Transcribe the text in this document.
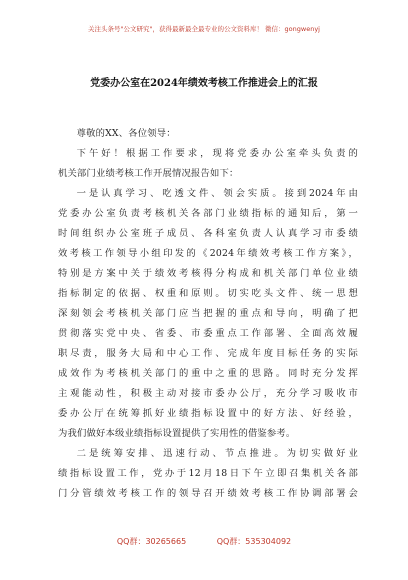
关注头条号"公文研究"，获得最新最全最专业的公文资料库！ 微信：gongwenyj
党委办公室在2024年绩效考核工作推进会上的汇报

尊敬的XX、各位领导：

下午好！根据工作要求，现将党委办公室牵头负责的

机关部门业绩考核工作开展情况报告如下：

一是认真学习、吃透文件、领会实质。接到2024年由

党委办公室负责考核机关各部门业绩指标的通知后，第一

时间组织办公室班子成员、各科室负责人认真学习市委绩

效考核工作领导小组印发的《2024年绩效考核工作方案》，

特别是方案中关于绩效考核得分构成和机关部门单位业绩

指标制定的依据、权重和原则。切实吃头文件、统一思想

深刻领会考核机关部门应当把握的重点和导向，明确了把

贯彻落实党中央、省委、市委重点工作部署、全面高效履

职尽责，服务大局和中心工作、完成年度目标任务的实际

成效作为考核机关部门的重中之重的思路。同时充分发挥

主观能动性，积极主动对接市委办公厅，充分学习吸收市

委办公厅在统筹抓好业绩指标设置中的好方法、好经验，

为我们做好本级业绩指标设置提供了实用性的借鉴参考。

二是统筹安排、迅速行动、节点推进。为切实做好业

绩指标设置工作，党办于12月18日下午立即召集机关各部

门分管绩效考核工作的领导召开绩效考核工作协调部署会

QQ群：30265665	QQ群：535304092
